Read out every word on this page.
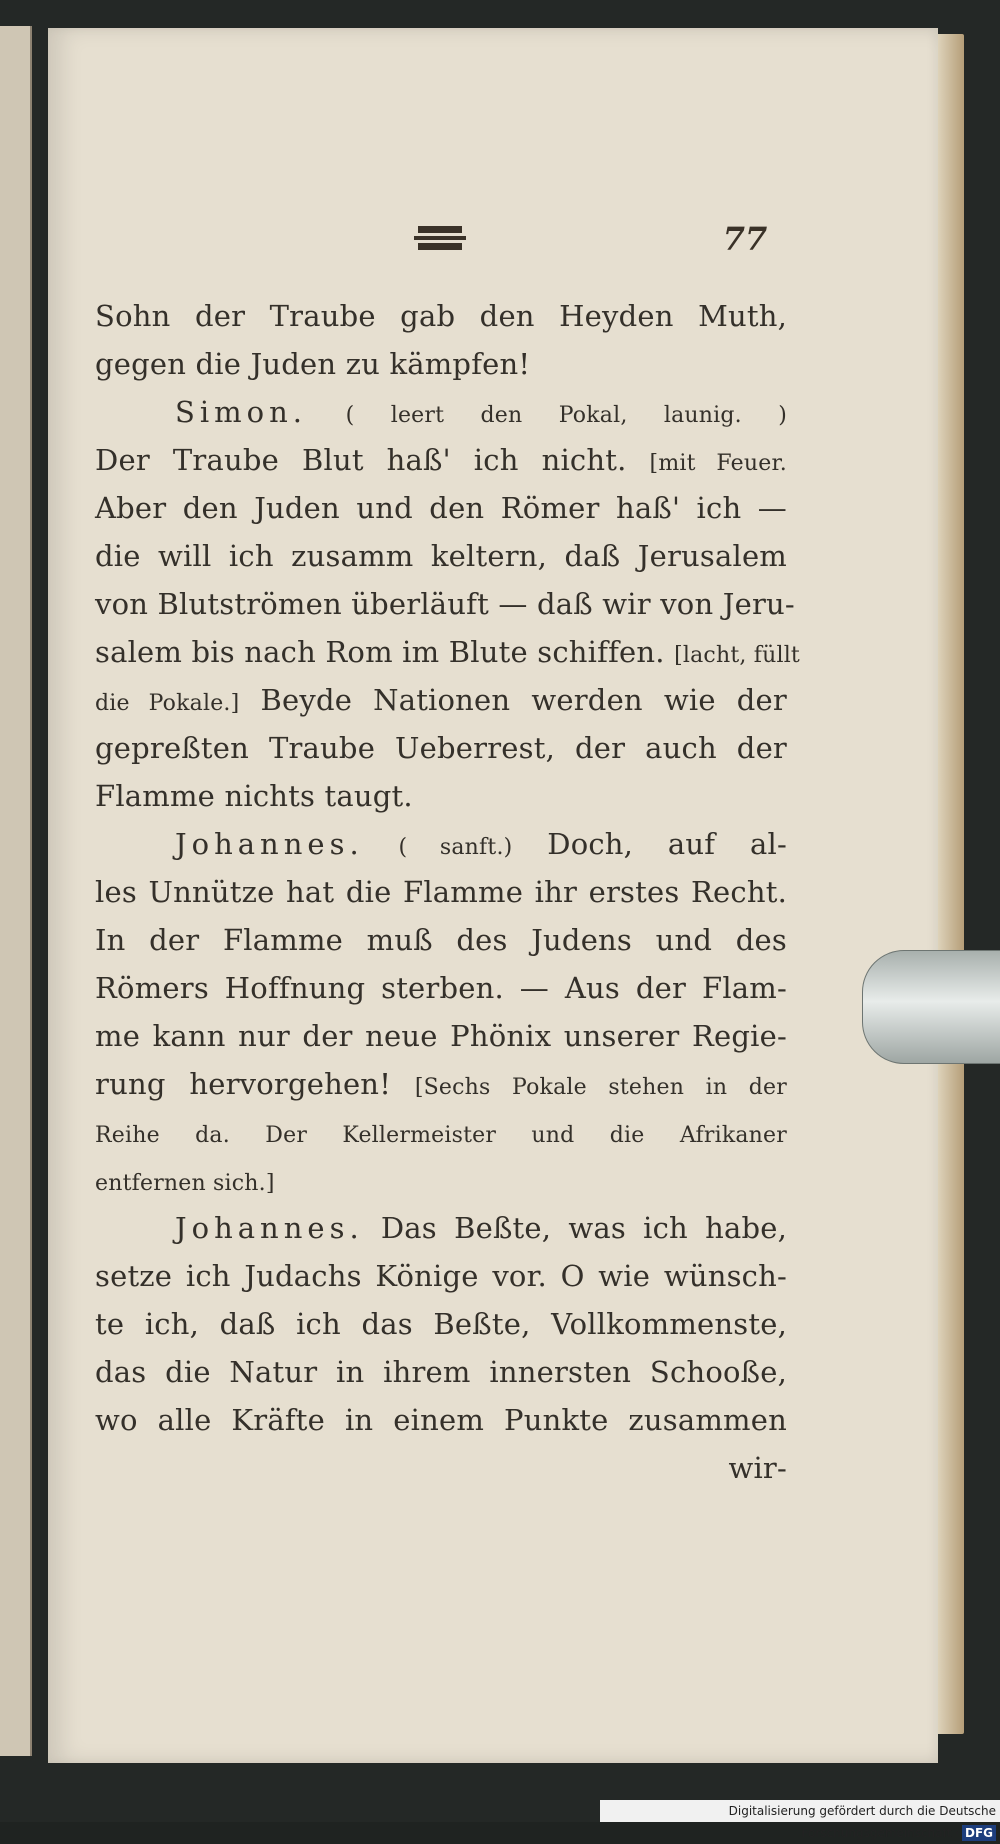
77
Sohn der Traube gab den Heyden Muth,
gegen die Juden zu kämpfen!
Simon. ( leert den Pokal, launig. )
Der Traube Blut haß' ich nicht. [mit Feuer.
Aber den Juden und den Römer haß' ich —
die will ich zusamm keltern, daß Jerusalem
von Blutströmen überläuft — daß wir von Jeru-
salem bis nach Rom im Blute schiffen. [lacht, füllt
die Pokale.] Beyde Nationen werden wie der
gepreßten Traube Ueberrest, der auch der
Flamme nichts taugt.
Johannes. ( sanft.) Doch, auf al-
les Unnütze hat die Flamme ihr erstes Recht.
In der Flamme muß des Judens und des
Römers Hoffnung sterben. — Aus der Flam-
me kann nur der neue Phönix unserer Regie-
rung hervorgehen! [Sechs Pokale stehen in der
Reihe da. Der Kellermeister und die Afrikaner
entfernen sich.]
Johannes. Das Beßte, was ich habe,
setze ich Judachs Könige vor. O wie wünsch-
te ich, daß ich das Beßte, Vollkommenste,
das die Natur in ihrem innersten Schooße,
wo alle Kräfte in einem Punkte zusammen
wir-
Digitalisierung gefördert durch die Deutsche Forschungsgemeinschaft · DFG
